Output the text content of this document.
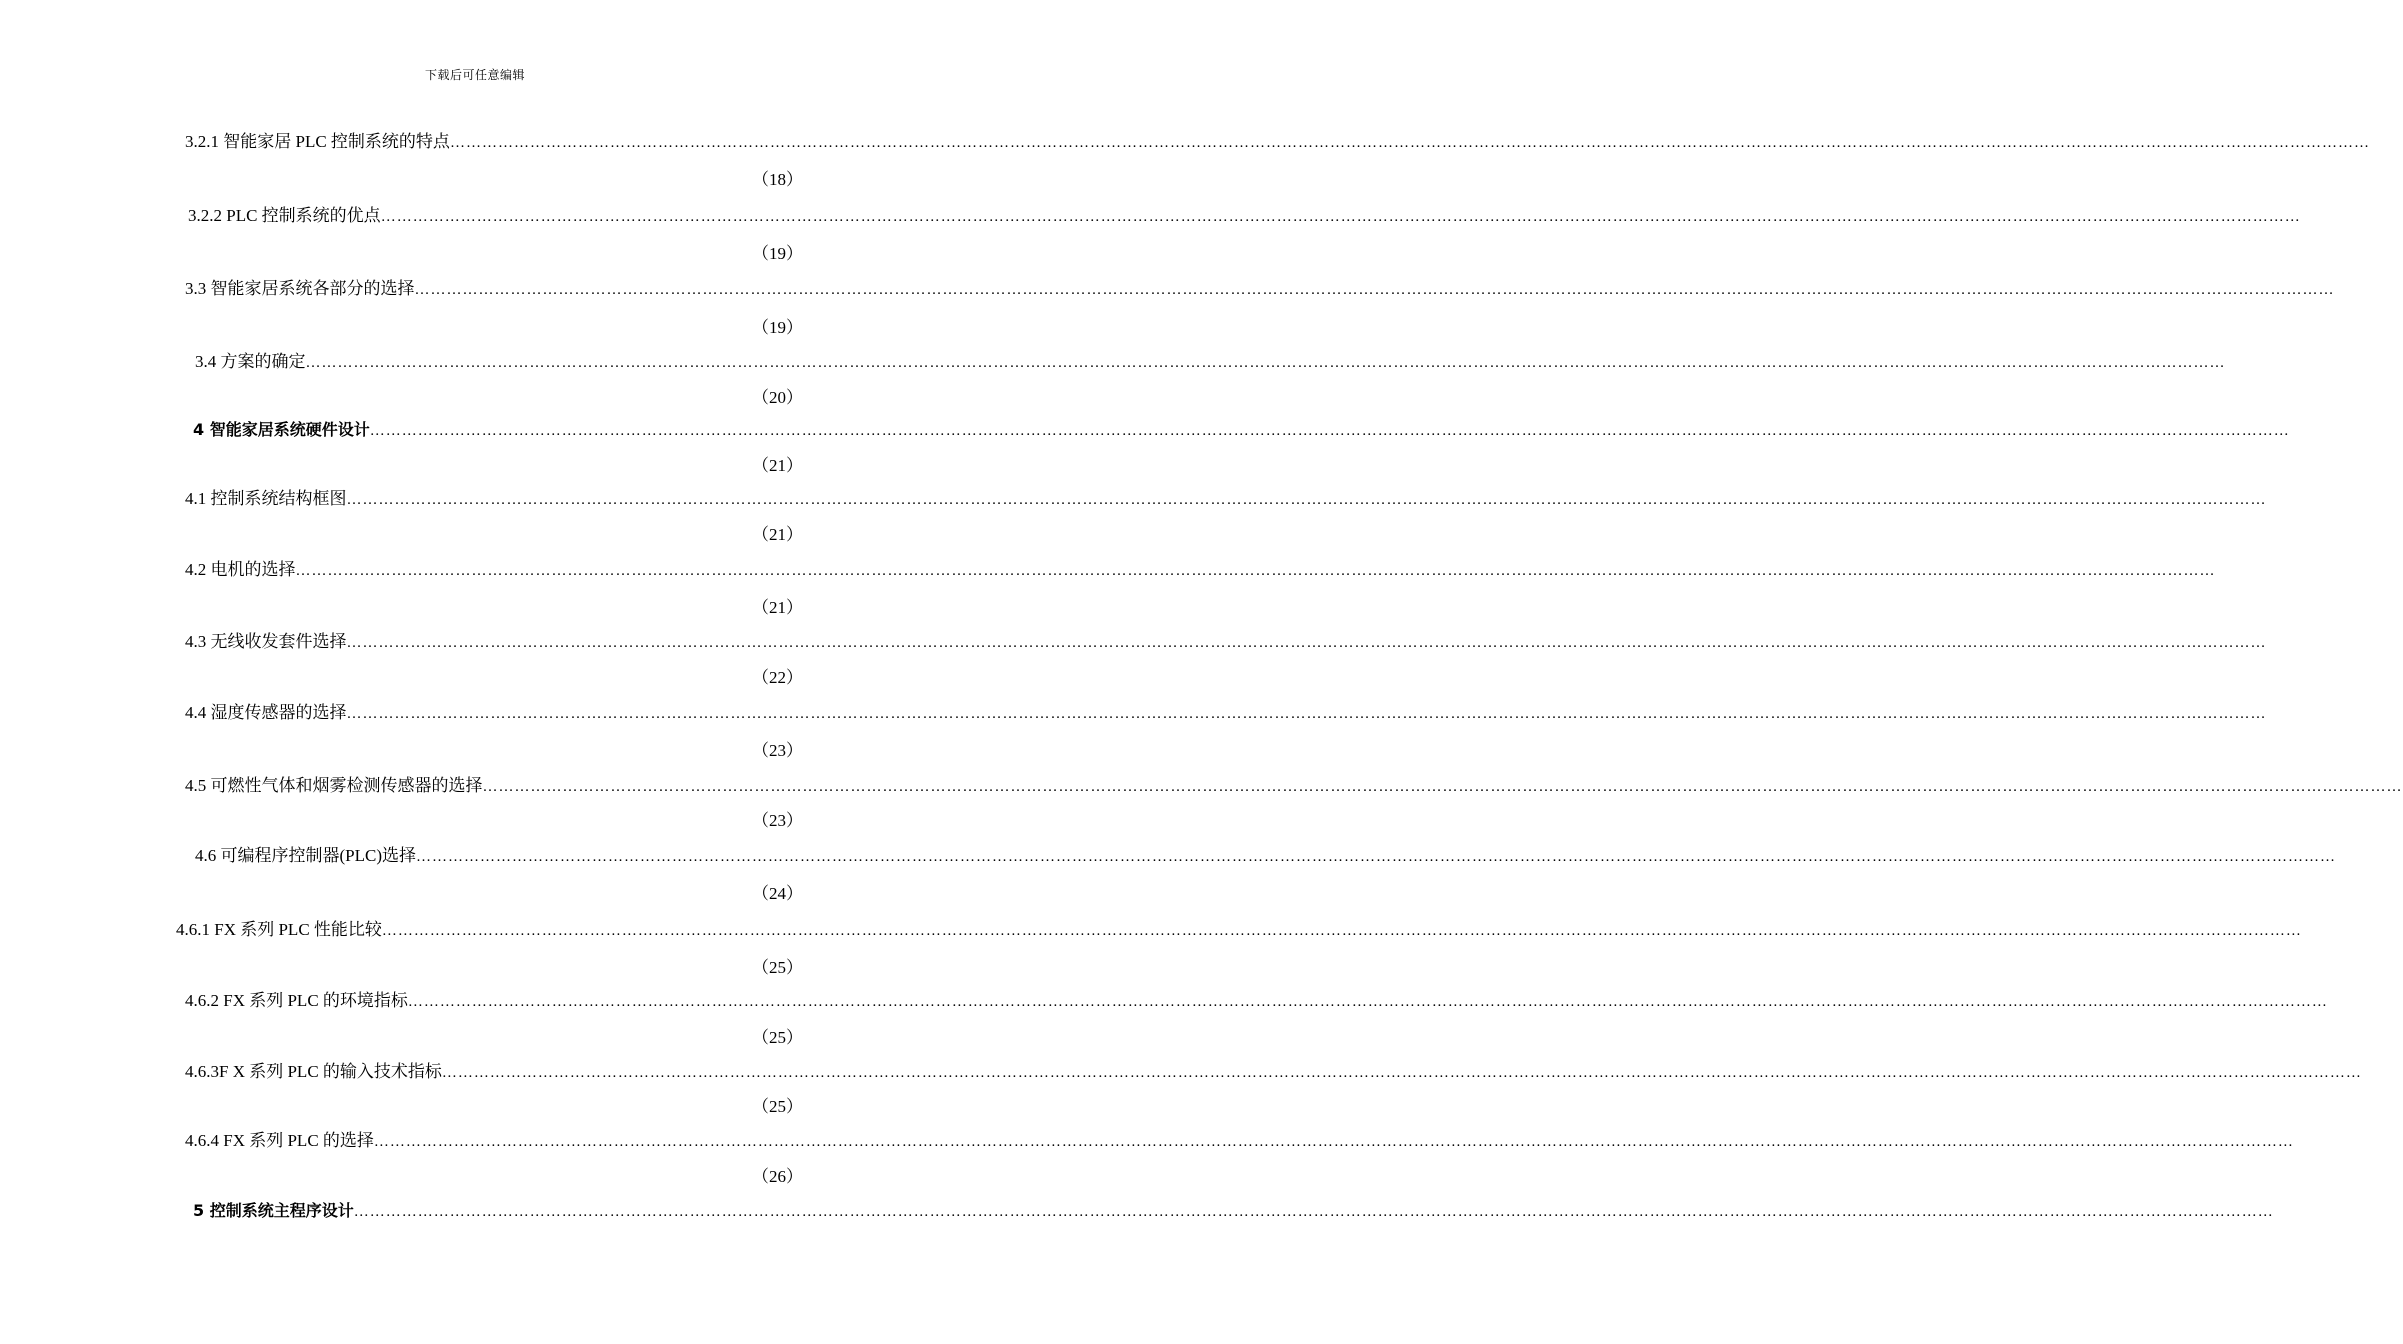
下载后可任意编辑
3.2.1 智能家居 PLC 控制系统的特点 ………………………………………………………………………………………………………………………………………………………………………………………………………………………………………………………………………………………………………………………………
（18）
3.2.2 PLC 控制系统的优点 ………………………………………………………………………………………………………………………………………………………………………………………………………………………………………………………………………………………………………………………………
（19）
3.3 智能家居系统各部分的选择 ………………………………………………………………………………………………………………………………………………………………………………………………………………………………………………………………………………………………………………………………
（19）
3.4 方案的确定 ………………………………………………………………………………………………………………………………………………………………………………………………………………………………………………………………………………………………………………………………
（20）
4 智能家居系统硬件设计 ………………………………………………………………………………………………………………………………………………………………………………………………………………………………………………………………………………………………………………………………
（21）
4.1 控制系统结构框图 ………………………………………………………………………………………………………………………………………………………………………………………………………………………………………………………………………………………………………………………………
（21）
4.2 电机的选择 ………………………………………………………………………………………………………………………………………………………………………………………………………………………………………………………………………………………………………………………………
（21）
4.3 无线收发套件选择 ………………………………………………………………………………………………………………………………………………………………………………………………………………………………………………………………………………………………………………………………
（22）
4.4 湿度传感器的选择 ………………………………………………………………………………………………………………………………………………………………………………………………………………………………………………………………………………………………………………………………
（23）
4.5 可燃性气体和烟雾检测传感器的选择 ………………………………………………………………………………………………………………………………………………………………………………………………………………………………………………………………………………………………………………………………
（23）
4.6 可编程序控制器(PLC)选择 ………………………………………………………………………………………………………………………………………………………………………………………………………………………………………………………………………………………………………………………………
（24）
4.6.1 FX 系列 PLC 性能比较 ………………………………………………………………………………………………………………………………………………………………………………………………………………………………………………………………………………………………………………………………
（25）
4.6.2 FX 系列 PLC 的环境指标 ………………………………………………………………………………………………………………………………………………………………………………………………………………………………………………………………………………………………………………………………
（25）
4.6.3F X 系列 PLC 的输入技术指标 ………………………………………………………………………………………………………………………………………………………………………………………………………………………………………………………………………………………………………………………………
（25）
4.6.4 FX 系列 PLC 的选择 ………………………………………………………………………………………………………………………………………………………………………………………………………………………………………………………………………………………………………………………………
（26）
5 控制系统主程序设计 ………………………………………………………………………………………………………………………………………………………………………………………………………………………………………………………………………………………………………………………………
